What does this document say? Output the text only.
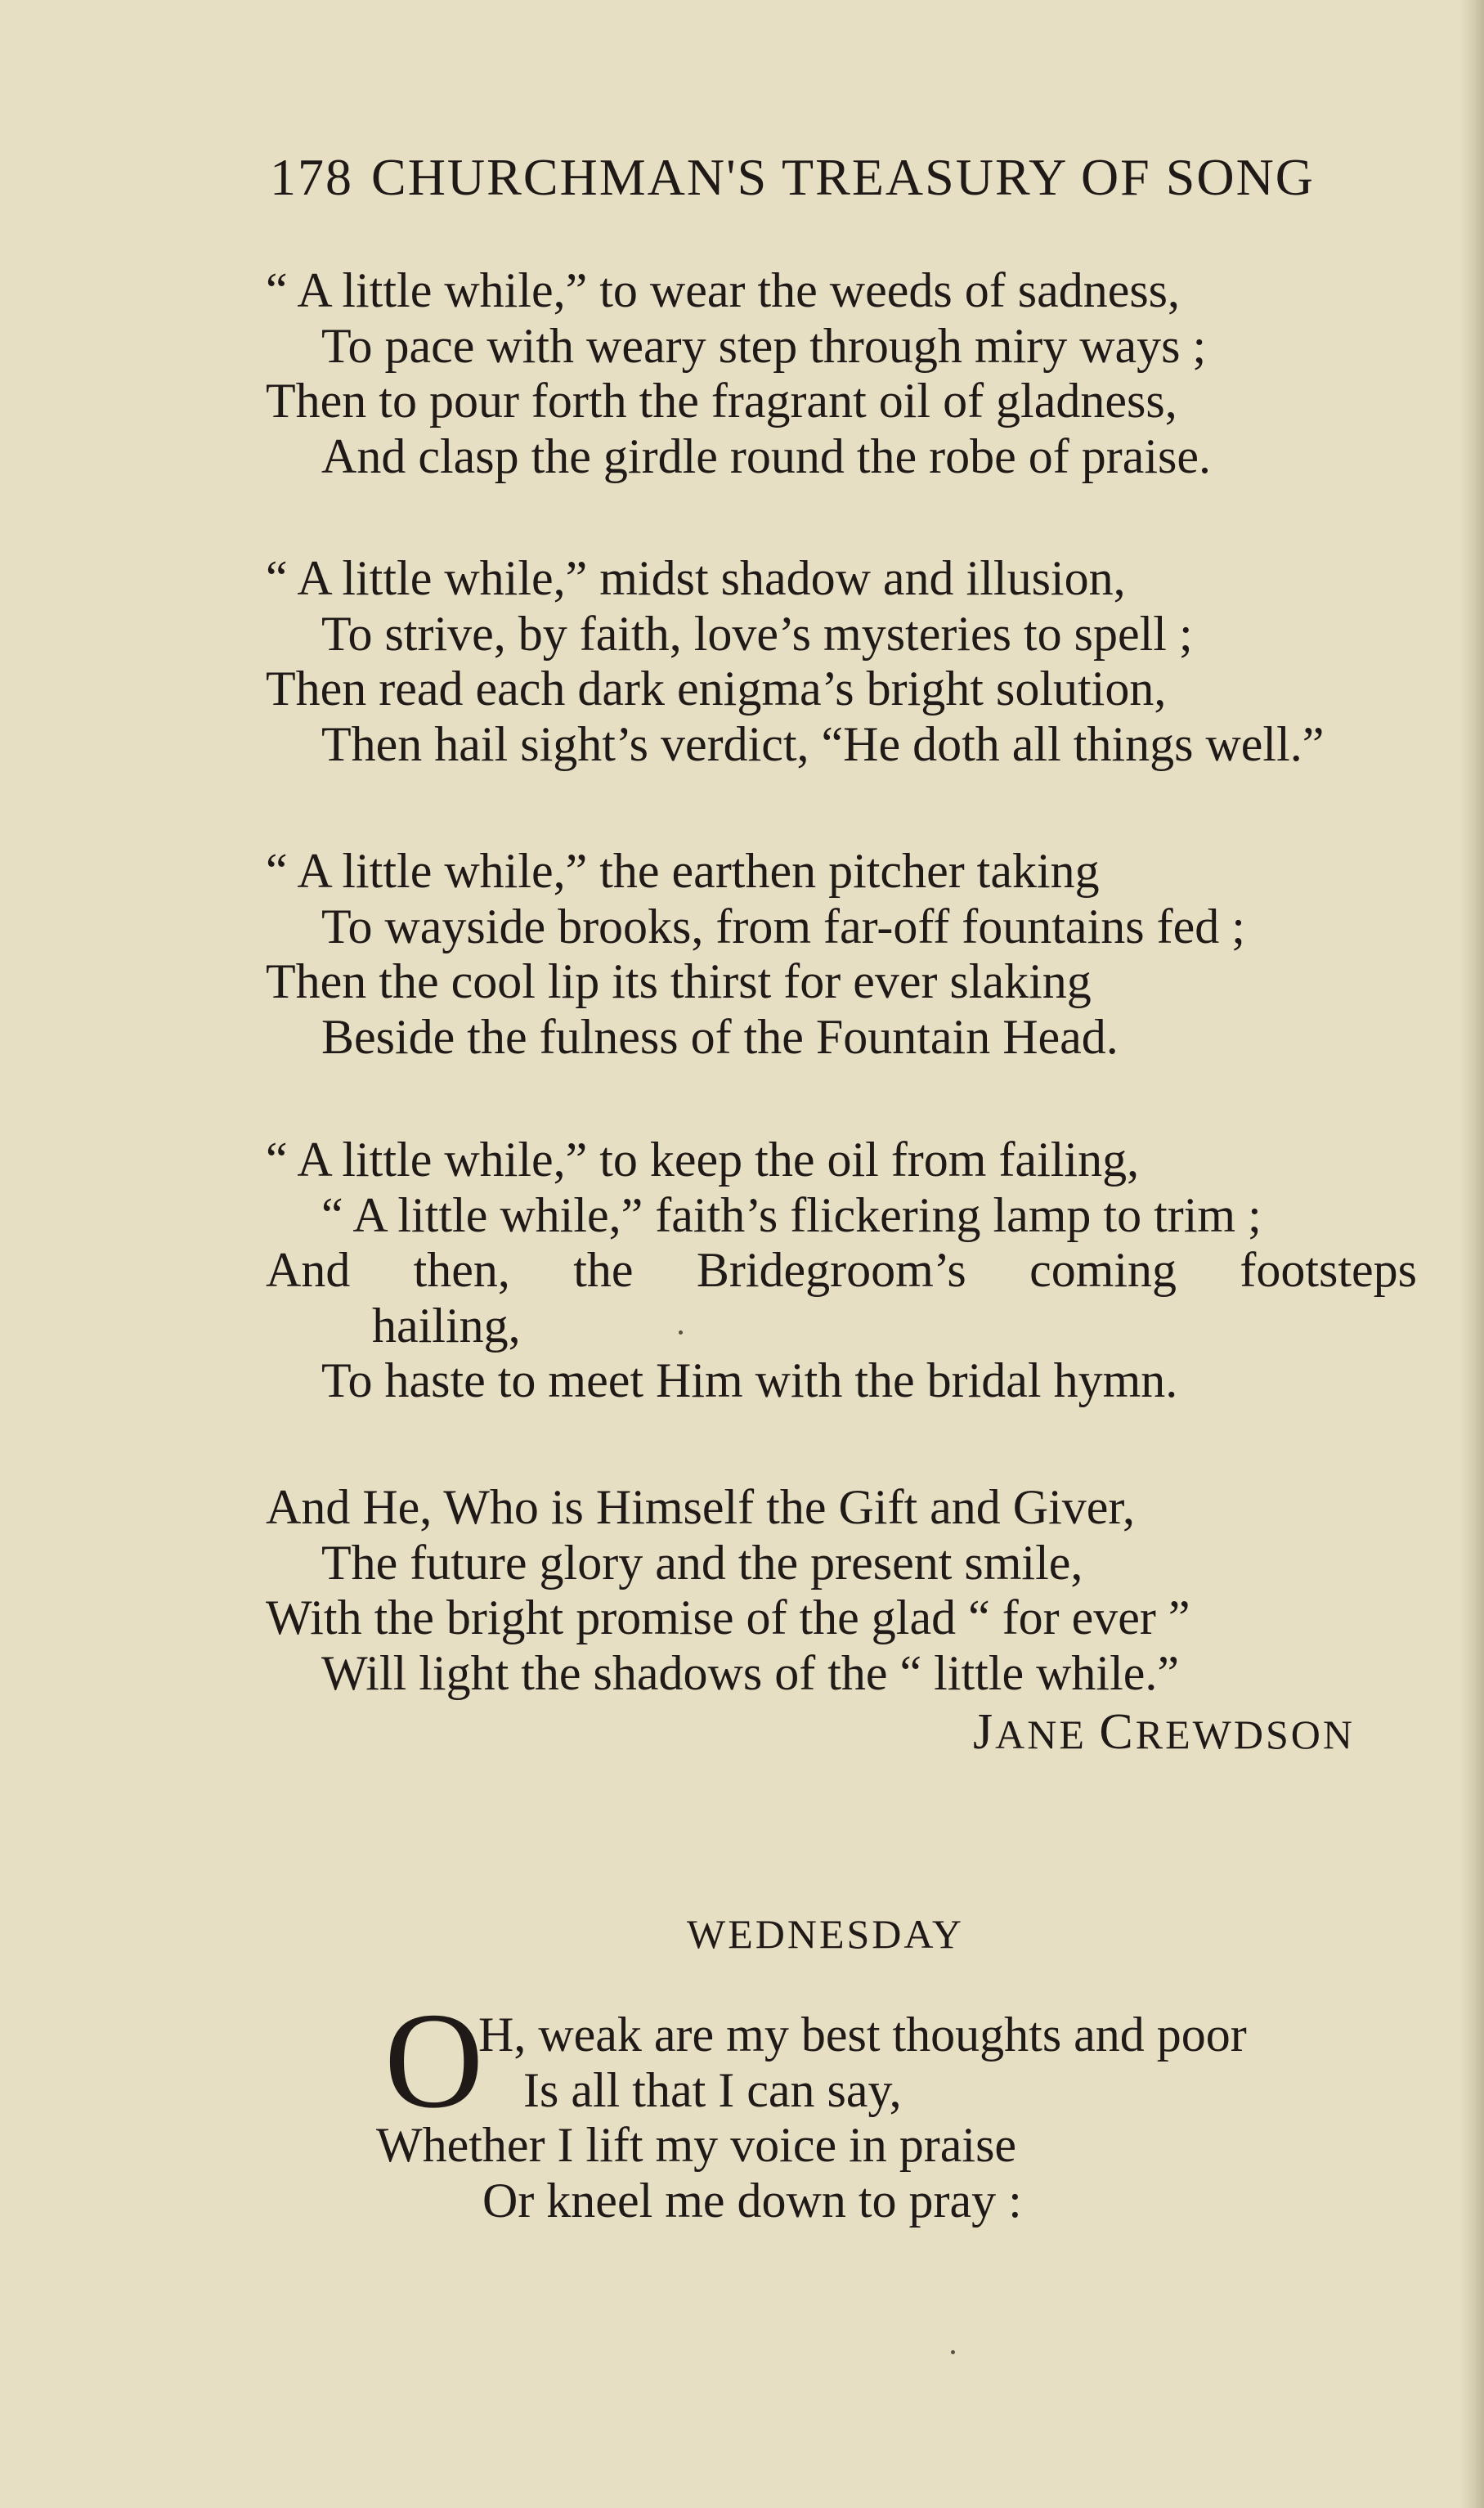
178 CHURCHMAN'S TREASURY OF SONG
“ A little while,” to wear the weeds of sadness,
To pace with weary step through miry ways ;
Then to pour forth the fragrant oil of gladness,
And clasp the girdle round the robe of praise.
“ A little while,” midst shadow and illusion,
To strive, by faith, love’s mysteries to spell ;
Then read each dark enigma’s bright solution,
Then hail sight’s verdict, “He doth all things well.”
“ A little while,” the earthen pitcher taking
To wayside brooks, from far-off fountains fed ;
Then the cool lip its thirst for ever slaking
Beside the fulness of the Fountain Head.
“ A little while,” to keep the oil from failing,
“ A little while,” faith’s flickering lamp to trim ;
And then, the Bridegroom’s coming footsteps
hailing,
To haste to meet Him with the bridal hymn.
And He, Who is Himself the Gift and Giver,
The future glory and the present smile,
With the bright promise of the glad “ for ever ”
Will light the shadows of the “ little while.”
JANE CREWDSON
WEDNESDAY
O
H, weak are my best thoughts and poor
Is all that I can say,
Whether I lift my voice in praise
Or kneel me down to pray :
